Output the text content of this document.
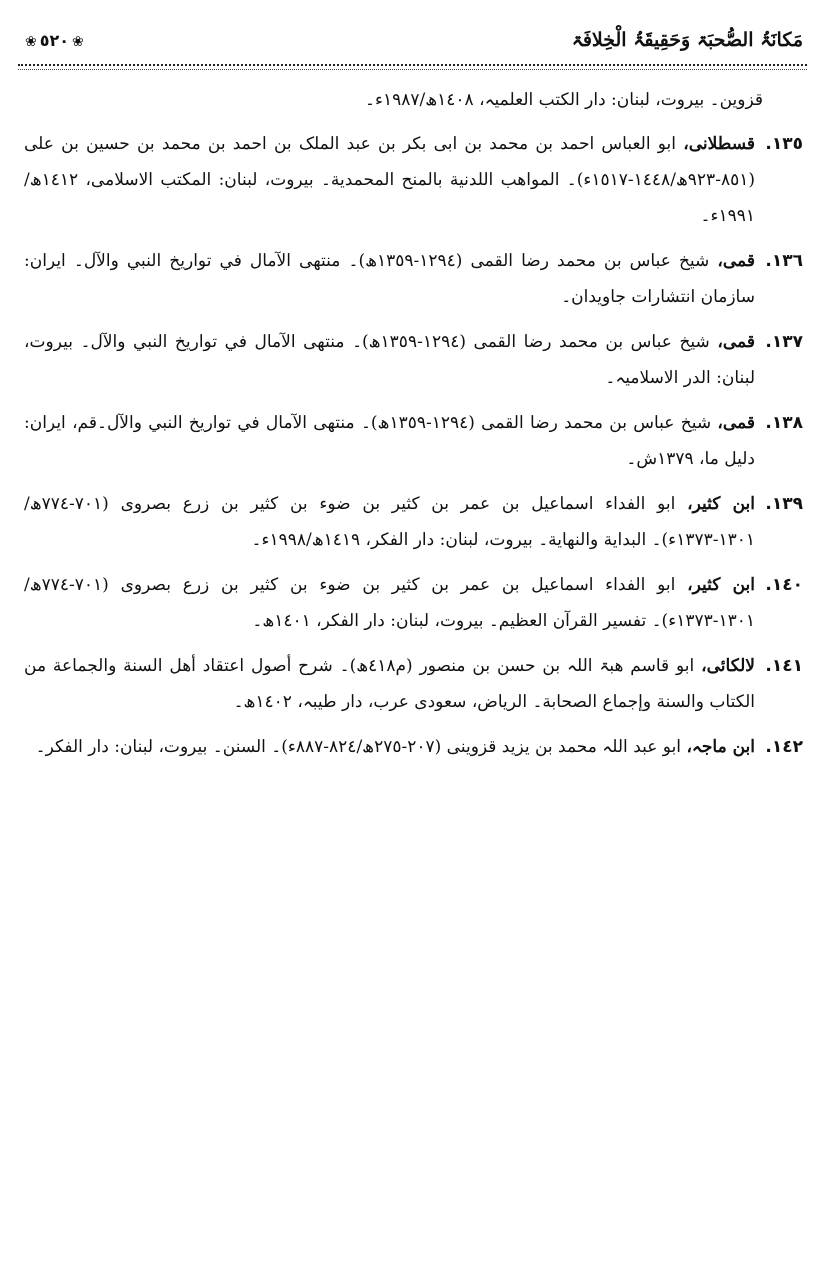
مَكانَۃُ الصُّحبَۃ وَحَقِیقَۃُ الْخِلافَۃ
❀٥٢٠❀
قزوین۔ بیروت، لبنان: دار الکتب العلمیہ، ١٤٠٨ھ/١٩٨٧ء۔
١٣٥.
قسطلانی، ابو العباس احمد بن محمد بن ابی بکر بن عبد الملک بن احمد بن محمد بن حسین بن علی (٨٥١-٩٢٣ھ/١٤٤٨-١٥١٧ء)۔ المواهب اللدنية بالمنح المحمدية۔ بیروت، لبنان: المکتب الاسلامی، ١٤١٢ھ/١٩٩١ء۔
١٣٦.
قمی، شیخ عباس بن محمد رضا القمی (١٢٩٤-١٣٥٩ھ)۔ منتهی الآمال في تواريخ النبي والآل۔ ایران: سازمان انتشارات جاویدان۔
١٣٧.
قمی، شیخ عباس بن محمد رضا القمی (١٢٩٤-١٣٥٩ھ)۔ منتهی الآمال في تواريخ النبي والآل۔ بیروت، لبنان: الدر الاسلامیہ۔
١٣٨.
قمی، شیخ عباس بن محمد رضا القمی (١٢٩٤-١٣٥٩ھ)۔ منتهی الآمال في تواريخ النبي والآل۔قم، ایران: دلیل ما، ١٣٧٩ش۔
١٣٩.
ابن کثیر، ابو الفداء اسماعیل بن عمر بن کثیر بن ضوء بن کثیر بن زرع بصروی (٧٠١-٧٧٤ھ/١٣٠١-١٣٧٣ء)۔ البداية والنهاية۔ بیروت، لبنان: دار الفکر، ١٤١٩ھ/١٩٩٨ء۔
١٤٠.
ابن کثیر، ابو الفداء اسماعیل بن عمر بن کثیر بن ضوء بن کثیر بن زرع بصروی (٧٠١-٧٧٤ھ/١٣٠١-١٣٧٣ء)۔ تفسير القرآن العظيم۔ بیروت، لبنان: دار الفکر، ١٤٠١ھ۔
١٤١.
لالکائی، ابو قاسم هبۃ اللہ بن حسن بن منصور (م٤١٨ھ)۔ شرح أصول اعتقاد أهل السنة والجماعة من الكتاب والسنة وإجماع الصحابة۔ الریاض، سعودی عرب، دار طیبہ، ١٤٠٢ھ۔
١٤٢.
ابن ماجہ، ابو عبد اللہ محمد بن یزید قزوینی (٢٠٧-٢٧٥ھ/٨٢٤-٨٨٧ء)۔ السنن۔ بیروت، لبنان: دار الفکر۔
